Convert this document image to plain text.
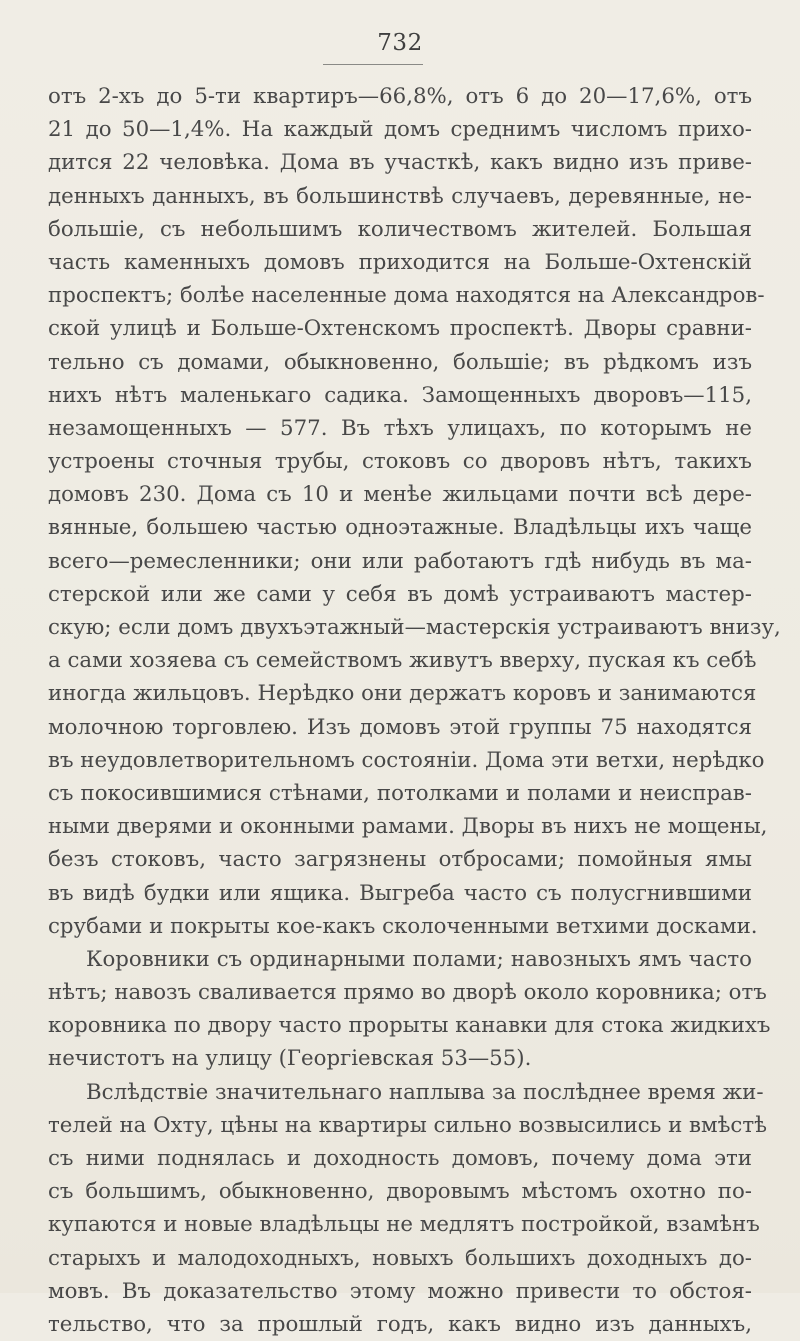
732
отъ 2-хъ до 5-ти квартиръ—66,8%, отъ 6 до 20—17,6%, отъ
21 до 50—1,4%. На каждый домъ среднимъ числомъ прихо-
дится 22 человѣка. Дома въ участкѣ, какъ видно изъ приве-
денныхъ данныхъ, въ большинствѣ случаевъ, деревянные, не-
большіе, съ небольшимъ количествомъ жителей. Большая
часть каменныхъ домовъ приходится на Больше-Охтенскій
проспектъ; болѣе населенные дома находятся на Александров-
ской улицѣ и Больше-Охтенскомъ проспектѣ. Дворы сравни-
тельно съ домами, обыкновенно, большіе; въ рѣдкомъ изъ
нихъ нѣтъ маленькаго садика. Замощенныхъ дворовъ—115,
незамощенныхъ — 577. Въ тѣхъ улицахъ, по которымъ не
устроены сточныя трубы, стоковъ со дворовъ нѣтъ, такихъ
домовъ 230. Дома съ 10 и менѣе жильцами почти всѣ дере-
вянные, большею частью одноэтажные. Владѣльцы ихъ чаще
всего—ремесленники; они или работаютъ гдѣ нибудь въ ма-
стерской или же сами у себя въ домѣ устраиваютъ мастер-
скую; если домъ двухъэтажный—мастерскія устраиваютъ внизу,
а сами хозяева съ семействомъ живутъ вверху, пуская къ себѣ
иногда жильцовъ. Нерѣдко они держатъ коровъ и занимаются
молочною торговлею. Изъ домовъ этой группы 75 находятся
въ неудовлетворительномъ состояніи. Дома эти ветхи, нерѣдко
съ покосившимися стѣнами, потолками и полами и неисправ-
ными дверями и оконными рамами. Дворы въ нихъ не мощены,
безъ стоковъ, часто загрязнены отбросами; помойныя ямы
въ видѣ будки или ящика. Выгреба часто съ полусгнившими
срубами и покрыты кое-какъ сколоченными ветхими досками.
Коровники съ ординарными полами; навозныхъ ямъ часто
нѣтъ; навозъ сваливается прямо во дворѣ около коровника; отъ
коровника по двору часто прорыты канавки для стока жидкихъ
нечистотъ на улицу (Георгіевская 53—55).
Вслѣдствіе значительнаго наплыва за послѣднее время жи-
телей на Охту, цѣны на квартиры сильно возвысились и вмѣстѣ
съ ними поднялась и доходность домовъ, почему дома эти
съ большимъ, обыкновенно, дворовымъ мѣстомъ охотно по-
купаются и новые владѣльцы не медлятъ постройкой, взамѣнъ
старыхъ и малодоходныхъ, новыхъ большихъ доходныхъ до-
мовъ. Въ доказательство этому можно привести то обстоя-
тельство, что за прошлый годъ, какъ видно изъ данныхъ,
